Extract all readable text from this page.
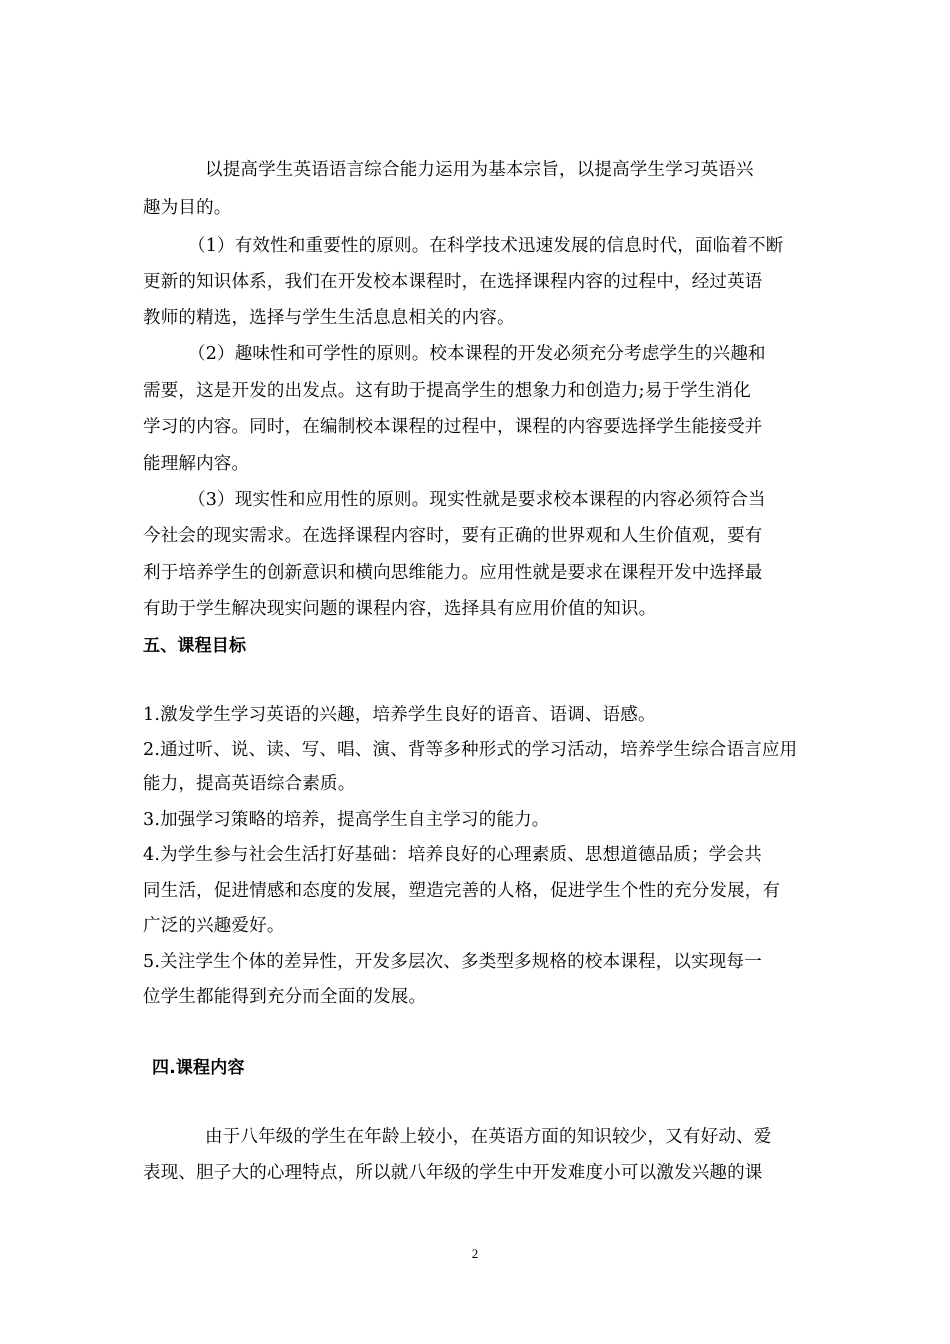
以提高学生英语语言综合能力运用为基本宗旨，以提高学生学习英语兴
趣为目的。
（1）有效性和重要性的原则。在科学技术迅速发展的信息时代，面临着不断
更新的知识体系，我们在开发校本课程时，在选择课程内容的过程中，经过英语
教师的精选，选择与学生生活息息相关的内容。
（2）趣味性和可学性的原则。校本课程的开发必须充分考虑学生的兴趣和
需要，这是开发的出发点。这有助于提高学生的想象力和创造力;易于学生消化
学习的内容。同时，在编制校本课程的过程中，课程的内容要选择学生能接受并
能理解内容。
（3）现实性和应用性的原则。现实性就是要求校本课程的内容必须符合当
今社会的现实需求。在选择课程内容时，要有正确的世界观和人生价值观，要有
利于培养学生的创新意识和横向思维能力。应用性就是要求在课程开发中选择最
有助于学生解决现实问题的课程内容，选择具有应用价值的知识。
五、课程目标
1.激发学生学习英语的兴趣，培养学生良好的语音、语调、语感。
2.通过听、说、读、写、唱、演、背等多种形式的学习活动，培养学生综合语言应用
能力，提高英语综合素质。
3.加强学习策略的培养，提高学生自主学习的能力。
4.为学生参与社会生活打好基础：培养良好的心理素质、思想道德品质；学会共
同生活，促进情感和态度的发展，塑造完善的人格，促进学生个性的充分发展，有
广泛的兴趣爱好。
5.关注学生个体的差异性，开发多层次、多类型多规格的校本课程，以实现每一
位学生都能得到充分而全面的发展。
四.课程内容
由于八年级的学生在年龄上较小，在英语方面的知识较少，又有好动、爱
表现、胆子大的心理特点，所以就八年级的学生中开发难度小可以激发兴趣的课
2
